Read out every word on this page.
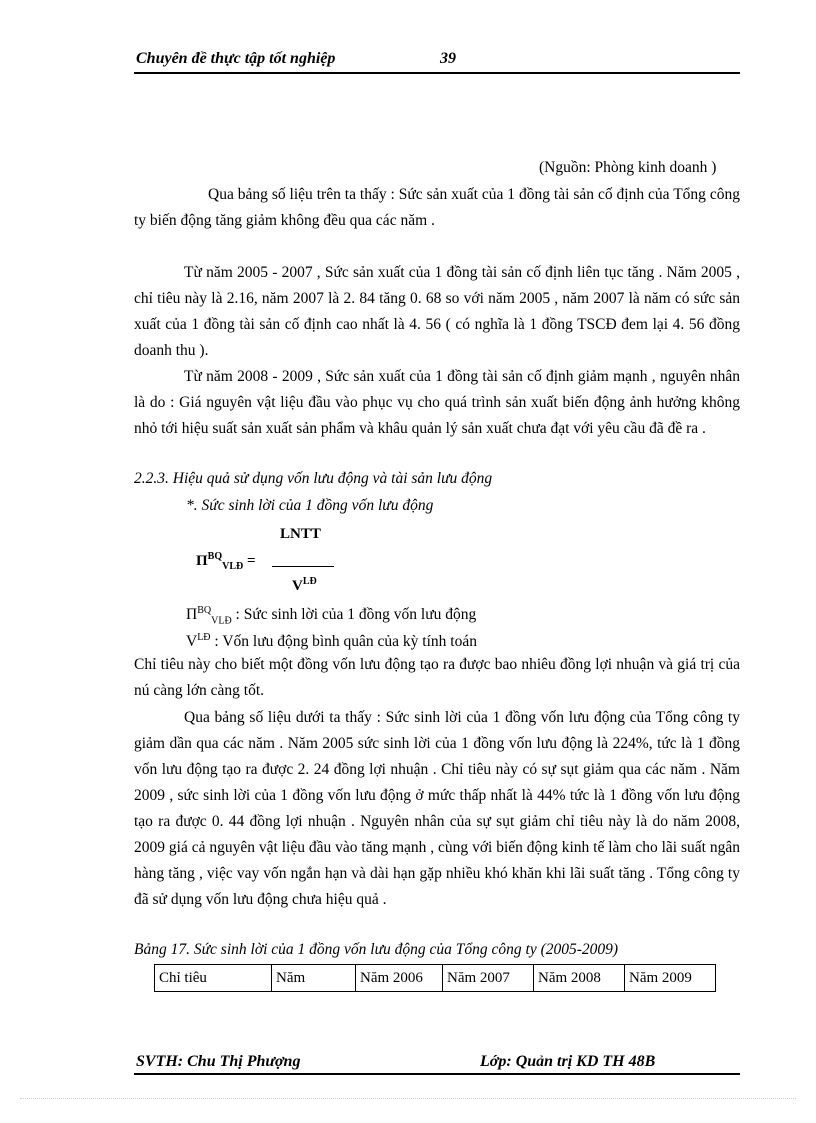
Chuyên đề thực tập tốt nghiệp	39
(Nguồn: Phòng kinh doanh )

Qua bảng số liệu trên ta thấy : Sức sản xuất của 1 đồng tài sản cố định của Tổng công ty biến động tăng giảm không đều qua các năm .

Từ năm 2005 - 2007 , Sức sản xuất của 1 đồng tài sản cố định liên tục tăng . Năm 2005 , chỉ tiêu này là 2.16, năm 2007 là 2. 84 tăng 0. 68 so với năm 2005 , năm 2007 là năm có sức sản xuất của 1 đồng tài sản cố định cao nhất là 4. 56 ( có nghĩa là 1 đồng TSCĐ đem lại 4. 56 đồng doanh thu ).

Từ năm 2008 - 2009 , Sức sản xuất của 1 đồng tài sản cố định giảm mạnh , nguyên nhân là do : Giá nguyên vật liệu đầu vào phục vụ cho quá trình sản xuất biến động ảnh hưởng không nhỏ tới hiệu suất sản xuất sản phẩm và khâu quản lý sản xuất chưa đạt với yêu cầu đã đề ra .

2.2.3. Hiệu quả sử dụng vốn lưu động và tài sản lưu động
*. Sức sinh lời của 1 đồng vốn lưu động
LNTT
$П^{BQ}_{VLĐ}$ =
$V^{LĐ}$
$П^{BQ}_{VLĐ}$ : Sức sinh lời của 1 đồng vốn lưu động
$V^{LĐ}$ : Vốn lưu động bình quân của kỳ tính toán

Chỉ tiêu này cho biết một đồng vốn lưu động tạo ra được bao nhiêu đồng lợi nhuận và giá trị của nú càng lớn càng tốt.

Qua bảng số liệu dưới ta thấy : Sức sinh lời của 1 đồng vốn lưu động của Tổng công ty giảm dần qua các năm . Năm 2005 sức sinh lời của 1 đồng vốn lưu động là 224%, tức là 1 đồng vốn lưu động tạo ra được 2. 24 đồng lợi nhuận . Chỉ tiêu này có sự sụt giảm qua các năm . Năm 2009 , sức sinh lời của 1 đồng vốn lưu động ở mức thấp nhất là 44% tức là 1 đồng vốn lưu động tạo ra được 0. 44 đồng lợi nhuận . Nguyên nhân của sự sụt giảm chỉ tiêu này là do năm 2008, 2009 giá cả nguyên vật liệu đầu vào tăng mạnh , cùng với biến động kinh tế làm cho lãi suất ngân hàng tăng , việc vay vốn ngắn hạn và dài hạn gặp nhiều khó khăn khi lãi suất tăng . Tổng công ty đã sử dụng vốn lưu động chưa hiệu quả .

Bảng 17. Sức sinh lời của 1 đồng vốn lưu động của Tổng công ty (2005-2009)
Chỉ tiêu	Năm	Năm 2006	Năm 2007	Năm 2008	Năm 2009
SVTH: Chu Thị Phượng	Lớp: Quản trị KD TH 48B
